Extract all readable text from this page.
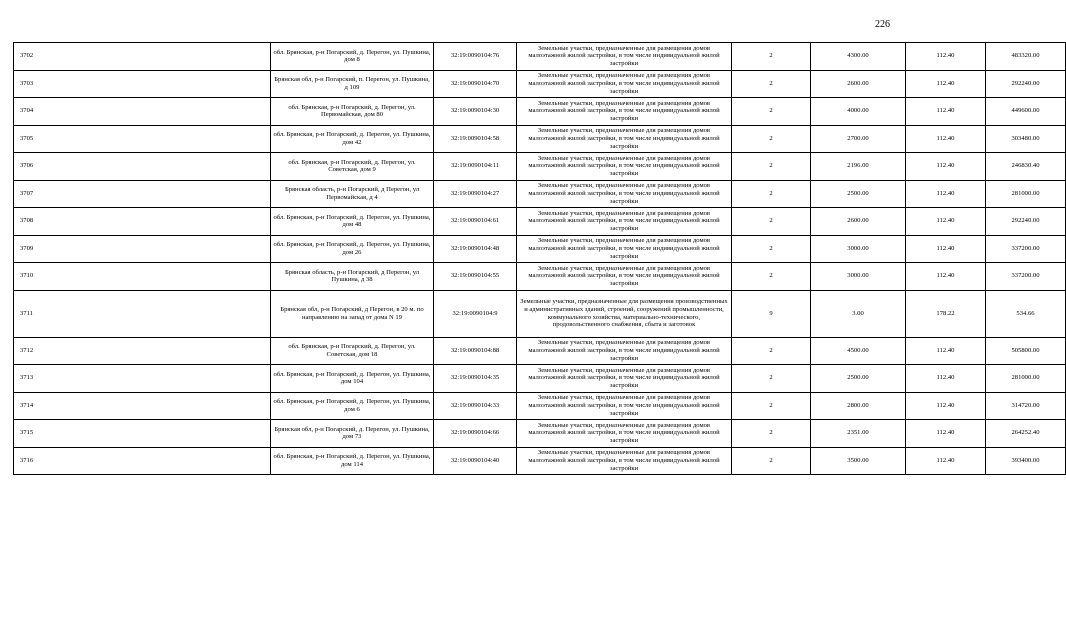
226
3702	обл. Брянская, р-н Погарский, д. Перегон, ул. Пушкина, дом 8	32:19:0090104:76	Земельные участки, предназначенные для размещения домов малоэтажной жилой застройки, в том числе индивидуальной жилой застройки	2	4300.00	112.40	483320.00
3703	Брянская обл, р-н Погарский, п. Перегон, ул. Пушкина, д 109	32:19:0090104:70	Земельные участки, предназначенные для размещения домов малоэтажной жилой застройки, в том числе индивидуальной жилой застройки	2	2600.00	112.40	292240.00
3704	обл. Брянская, р-н Погарский, д. Перегон, ул. Первомайская, дом 80	32:19:0090104:30	Земельные участки, предназначенные для размещения домов малоэтажной жилой застройки, в том числе индивидуальной жилой застройки	2	4000.00	112.40	449600.00
3705	обл. Брянская, р-н Погарский, д. Перегон, ул. Пушкина, дом 42	32:19:0090104:58	Земельные участки, предназначенные для размещения домов малоэтажной жилой застройки, в том числе индивидуальной жилой застройки	2	2700.00	112.40	303480.00
3706	обл. Брянская, р-н Погарский, д. Перегон, ул. Советская, дом 9	32:19:0090104:11	Земельные участки, предназначенные для размещения домов малоэтажной жилой застройки, в том числе индивидуальной жилой застройки	2	2196.00	112.40	246830.40
3707	Брянская область, р-н Погарский, д Перегон, ул Первомайская, д 4	32:19:0090104:27	Земельные участки, предназначенные для размещения домов малоэтажной жилой застройки, в том числе индивидуальной жилой застройки	2	2500.00	112.40	281000.00
3708	обл. Брянская, р-н Погарский, д. Перегон, ул. Пушкина, дом 48	32:19:0090104:61	Земельные участки, предназначенные для размещения домов малоэтажной жилой застройки, в том числе индивидуальной жилой застройки	2	2600.00	112.40	292240.00
3709	обл. Брянская, р-н Погарский, д. Перегон, ул. Пушкина, дом 26	32:19:0090104:48	Земельные участки, предназначенные для размещения домов малоэтажной жилой застройки, в том числе индивидуальной жилой застройки	2	3000.00	112.40	337200.00
3710	Брянская область, р-н Погарский, д Перегон, ул Пушкина, д 38	32:19:0090104:55	Земельные участки, предназначенные для размещения домов малоэтажной жилой застройки, в том числе индивидуальной жилой застройки	2	3000.00	112.40	337200.00
3711	Брянская обл, р-н Погарский, д Перегон, в 20 м. по направлению на запад от дома N 19	32:19:0090104:9	Земельные участки, предназначенные для размещения производственных и административных зданий, строений, сооружений промышленности, коммунального хозяйства, материально-технического, продовольственного снабжения, сбыта и заготовок	9	3.00	178.22	534.66
3712	обл. Брянская, р-н Погарский, д. Перегон, ул. Советская, дом 18	32:19:0090104:88	Земельные участки, предназначенные для размещения домов малоэтажной жилой застройки, в том числе индивидуальной жилой застройки	2	4500.00	112.40	505800.00
3713	обл. Брянская, р-н Погарский, д. Перегон, ул. Пушкина, дом 104	32:19:0090104:35	Земельные участки, предназначенные для размещения домов малоэтажной жилой застройки, в том числе индивидуальной жилой застройки	2	2500.00	112.40	281000.00
3714	обл. Брянская, р-н Погарский, д. Перегон, ул. Пушкина, дом 6	32:19:0090104:33	Земельные участки, предназначенные для размещения домов малоэтажной жилой застройки, в том числе индивидуальной жилой застройки	2	2800.00	112.40	314720.00
3715	Брянская обл, р-н Погарский, д. Перегон, ул. Пушкина, дом 73	32:19:0090104:66	Земельные участки, предназначенные для размещения домов малоэтажной жилой застройки, в том числе индивидуальной жилой застройки	2	2351.00	112.40	264252.40
3716	обл. Брянская, р-н Погарский, д. Перегон, ул. Пушкина, дом 114	32:19:0090104:40	Земельные участки, предназначенные для размещения домов малоэтажной жилой застройки, в том числе индивидуальной жилой застройки	2	3500.00	112.40	393400.00
